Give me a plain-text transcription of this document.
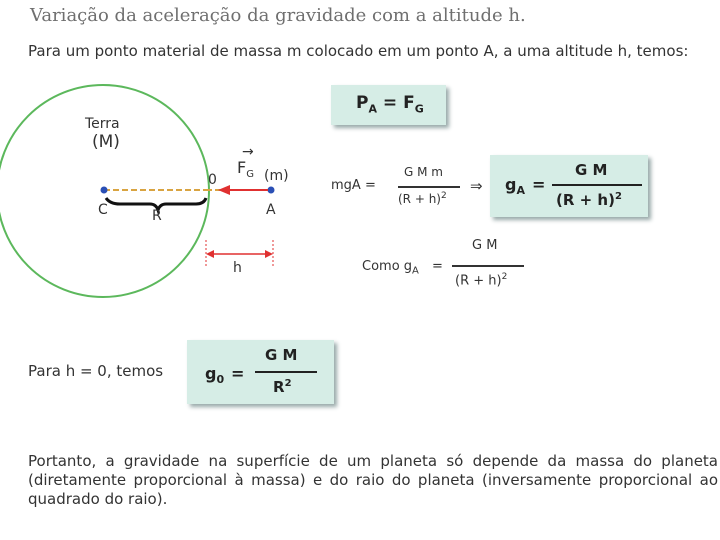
Variação da aceleração da gravidade com a altitude h.
Para um ponto material de massa m colocado em um ponto A, a uma altitude h, temos:
Terra
(M)
0
→
$F_G$ (m)
C	R	A
h
$P_A = F_G$
mgA =
G M m
$(R + h)^2$
⇒ $g_A$ =
G M
$(R + h)^2$
Como $g_A$ =
G M
$(R + h)^2$
Para h = 0, temos	$g_0$ =
G M
$R^2$
Portanto, a gravidade na superfície de um planeta só depende da massa do planeta (diretamente proporcional à massa) e do raio do planeta (inversamente proporcional ao quadrado do raio).
